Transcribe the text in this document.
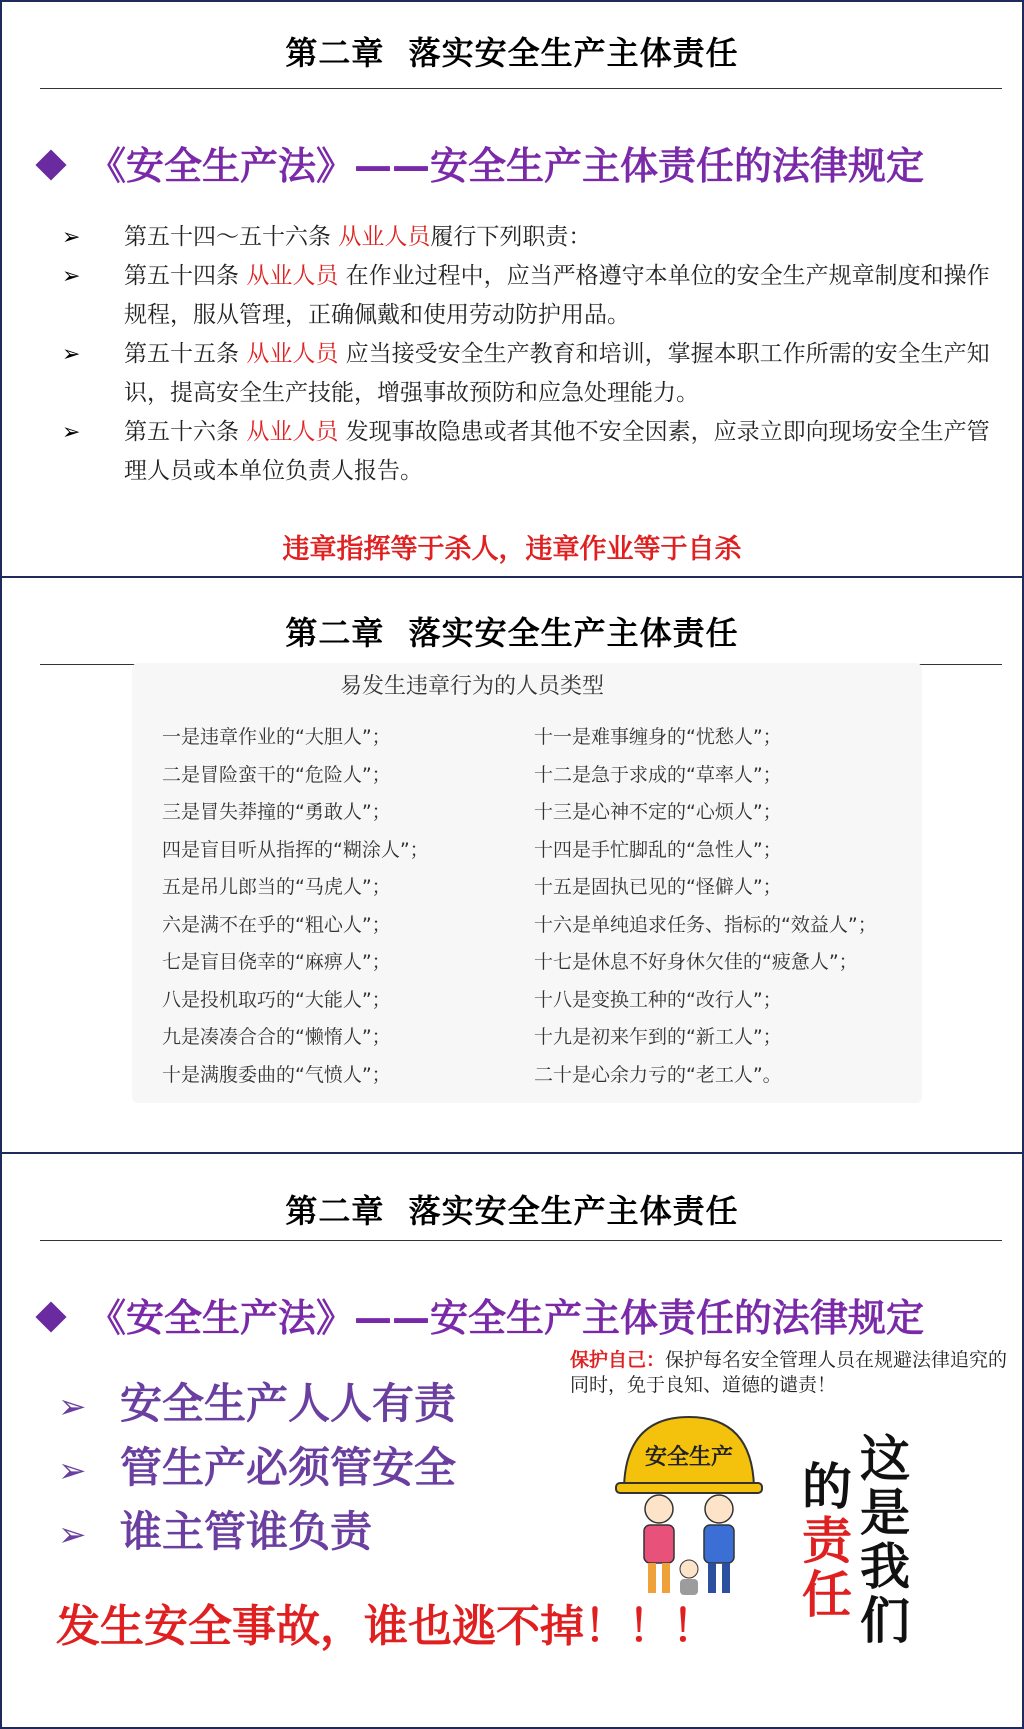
第二章  落实安全生产主体责任
《安全生产法》——安全生产主体责任的法律规定
➢ 第五十四～五十六条 从业人员履行下列职责：
➢ 第五十四条 从业人员 在作业过程中，应当严格遵守本单位的安全生产规章制度和操作规程，服从管理，正确佩戴和使用劳动防护用品。
➢ 第五十五条 从业人员 应当接受安全生产教育和培训，掌握本职工作所需的安全生产知识，提高安全生产技能，增强事故预防和应急处理能力。
➢ 第五十六条 从业人员 发现事故隐患或者其他不安全因素，应录立即向现场安全生产管理人员或本单位负责人报告。
违章指挥等于杀人，违章作业等于自杀
第二章  落实安全生产主体责任
易发生违章行为的人员类型
一是违章作业的“大胆人”；
二是冒险蛮干的“危险人”；
三是冒失莽撞的“勇敢人”；
四是盲目听从指挥的“糊涂人”；
五是吊儿郎当的“马虎人”；
六是满不在乎的“粗心人”；
七是盲目侥幸的“麻痹人”；
八是投机取巧的“大能人”；
九是凑凑合合的“懒惰人”；
十是满腹委曲的“气愤人”；
十一是难事缠身的“忧愁人”；
十二是急于求成的“草率人”；
十三是心神不定的“心烦人”；
十四是手忙脚乱的“急性人”；
十五是固执已见的“怪僻人”；
十六是单纯追求任务、指标的“效益人”；
十七是休息不好身休欠佳的“疲惫人”；
十八是变换工种的“改行人”；
十九是初来乍到的“新工人”；
二十是心余力亏的“老工人”。
第二章  落实安全生产主体责任
《安全生产法》——安全生产主体责任的法律规定
➢ 安全生产人人有责
➢ 管生产必须管安全
➢ 谁主管谁负责
发生安全事故，谁也逃不掉！！！
保护自己：保护每名安全管理人员在规避法律追究的同时，免于良知、道德的谴责！
安全生产	这
是
我
们
的
责
任
